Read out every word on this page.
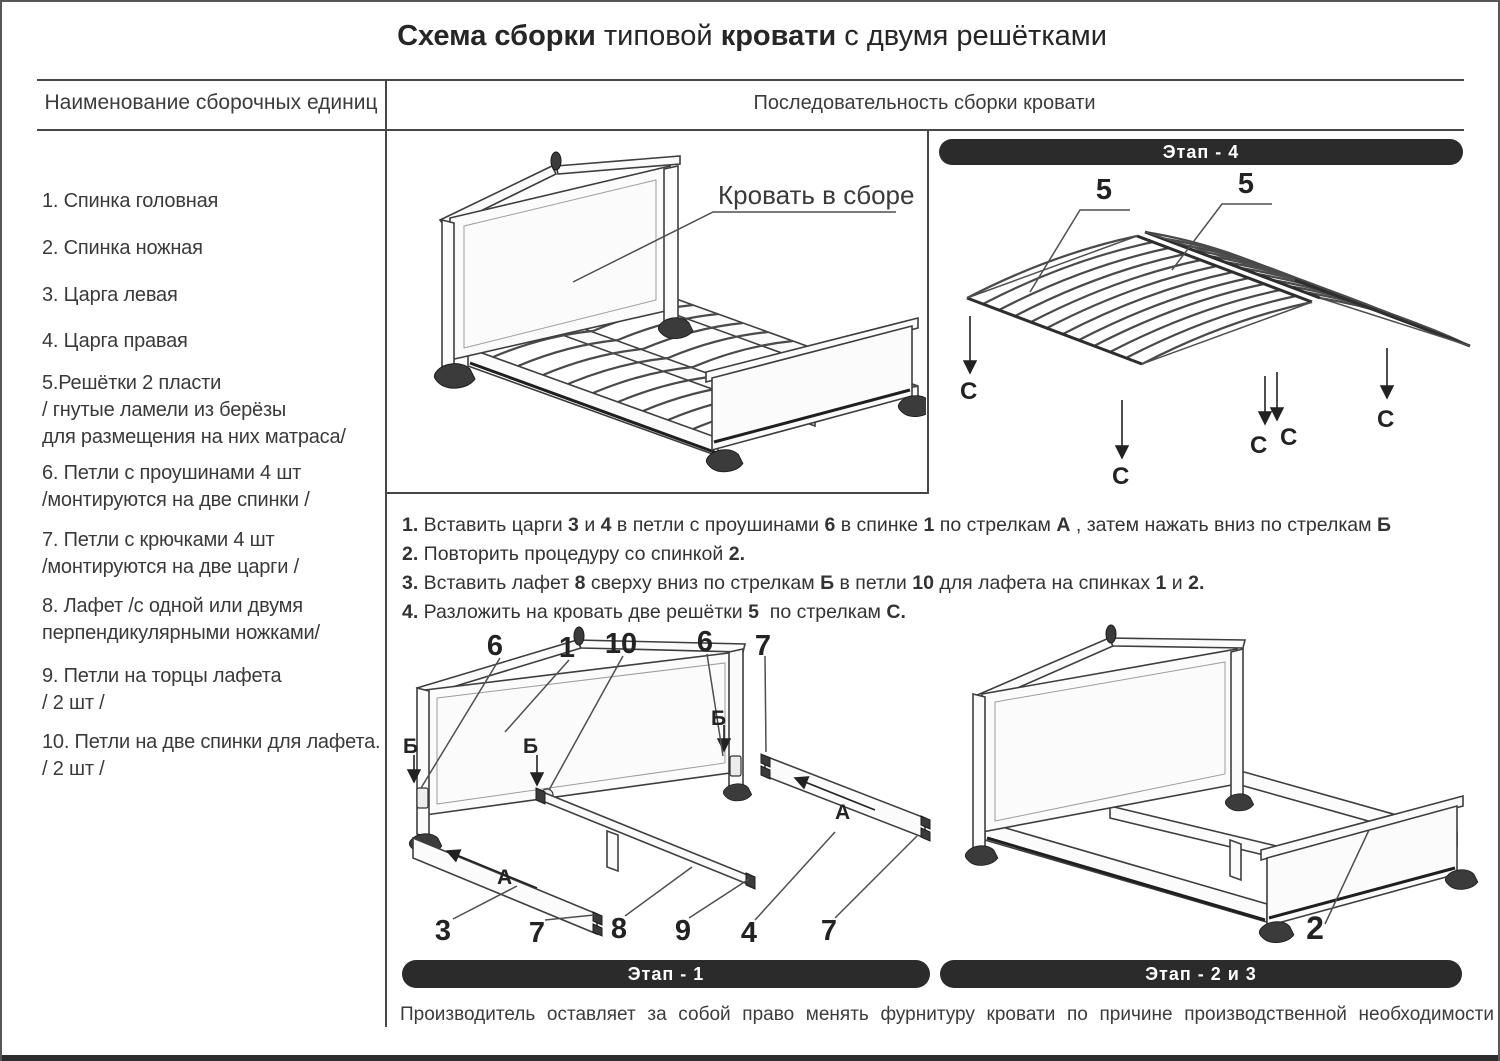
Схема сборки типовой кровати с двумя решётками
Наименование сборочных единиц	Последовательность сборки кровати
1. Спинка головная
2. Спинка ножная
3. Царга левая
4. Царга правая
5.Решётки 2 пласти
/ гнутые ламели из берёзы
для размещения на них матраса/
6. Петли с проушинами 4 шт
/монтируются на две спинки /
7. Петли с крючками 4 шт
/монтируются на две царги /
8. Лафет /с одной или двумя
перпендикулярными ножками/
9. Петли на торцы лафета
/ 2 шт /
10. Петли на две спинки для лафета.
/ 2 шт /
Кровать в сборе
Этап - 4
5	5
С
С
С С
С
1. Вставить царги 3 и 4 в петли с проушинами 6 в спинке 1 по стрелкам А , затем нажать вниз по стрелкам Б
2. Повторить процедуру со спинкой 2.
3. Вставить лафет 8 сверху вниз по стрелкам Б в петли 10 для лафета на спинках 1 и 2.
4. Разложить на кровать две решётки 5  по стрелкам С.
6	1	10	6	7
Б	Б
Б
А
А
3	7	8	9	4	7
Этап - 1
2
Этап - 2 и 3
Производитель оставляет за собой право менять фурнитуру кровати по причине производственной необходимости
